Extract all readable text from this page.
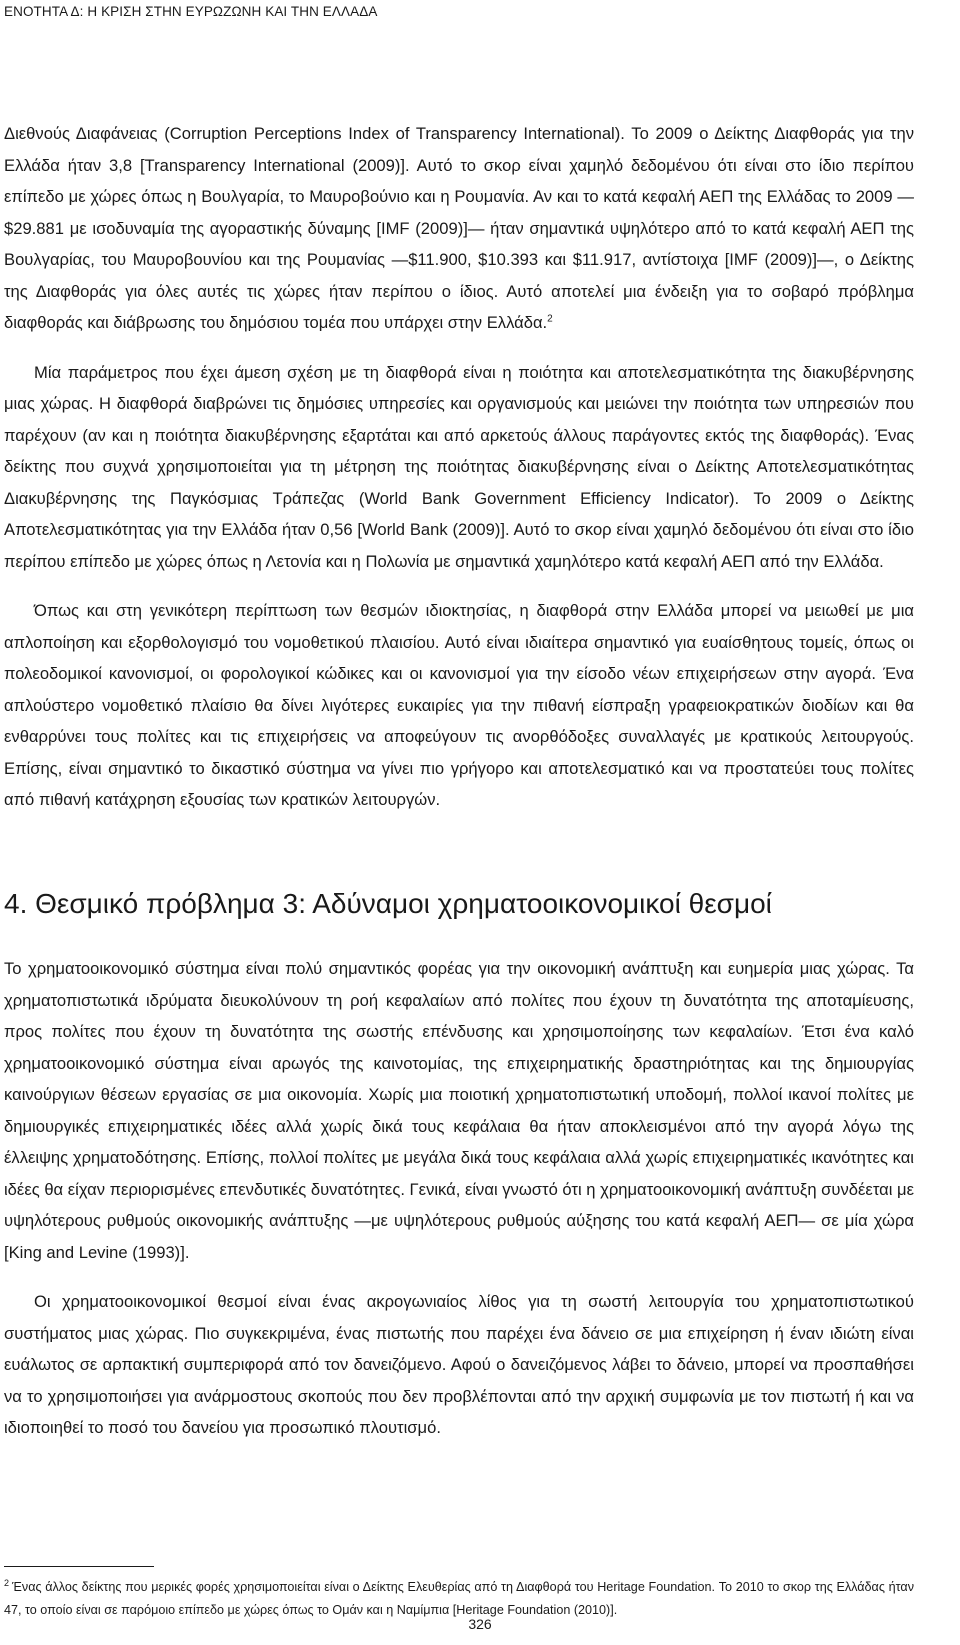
ΕΝΟΤΗΤΑ Δ: Η ΚΡΙΣΗ ΣΤΗΝ ΕΥΡΩΖΩΝΗ ΚΑΙ ΤΗΝ ΕΛΛΑΔΑ

Διεθνούς Διαφάνειας (Corruption Perceptions Index of Transparency International). Το 2009 ο Δείκτης Διαφθοράς για την Ελλάδα ήταν 3,8 [Transparency International (2009)]. Αυτό το σκορ είναι χαμηλό δεδομένου ότι είναι στο ίδιο περίπου επίπεδο με χώρες όπως η Βουλγαρία, το Μαυροβούνιο και η Ρουμανία. Αν και το κατά κεφαλή ΑΕΠ της Ελλάδας το 2009 —$29.881 με ισοδυναμία της αγοραστικής δύναμης [IMF (2009)]— ήταν σημαντικά υψηλότερο από το κατά κεφαλή ΑΕΠ της Βουλγαρίας, του Μαυροβουνίου και της Ρουμανίας —$11.900, $10.393 και $11.917, αντίστοιχα [IMF (2009)]—, ο Δείκτης της Διαφθοράς για όλες αυτές τις χώρες ήταν περίπου ο ίδιος. Αυτό αποτελεί μια ένδειξη για το σοβαρό πρόβλημα διαφθοράς και διάβρωσης του δημόσιου τομέα που υπάρχει στην Ελλάδα.$^2$

Μία παράμετρος που έχει άμεση σχέση με τη διαφθορά είναι η ποιότητα και αποτελεσματικότητα της διακυβέρνησης μιας χώρας. Η διαφθορά διαβρώνει τις δημόσιες υπηρεσίες και οργανισμούς και μειώνει την ποιότητα των υπηρεσιών που παρέχουν (αν και η ποιότητα διακυβέρνησης εξαρτάται και από αρκετούς άλλους παράγοντες εκτός της διαφθοράς). Ένας δείκτης που συχνά χρησιμοποιείται για τη μέτρηση της ποιότητας διακυβέρνησης είναι ο Δείκτης Αποτελεσματικότητας Διακυβέρνησης της Παγκόσμιας Τράπεζας (World Bank Government Efficiency Indicator). Το 2009 ο Δείκτης Αποτελεσματικότητας για την Ελλάδα ήταν 0,56 [World Bank (2009)]. Αυτό το σκορ είναι χαμηλό δεδομένου ότι είναι στο ίδιο περίπου επίπεδο με χώρες όπως η Λετονία και η Πολωνία με σημαντικά χαμηλότερο κατά κεφαλή ΑΕΠ από την Ελλάδα.

Όπως και στη γενικότερη περίπτωση των θεσμών ιδιοκτησίας, η διαφθορά στην Ελλάδα μπορεί να μειωθεί με μια απλοποίηση και εξορθολογισμό του νομοθετικού πλαισίου. Αυτό είναι ιδιαίτερα σημαντικό για ευαίσθητους τομείς, όπως οι πολεοδομικοί κανονισμοί, οι φορολογικοί κώδικες και οι κανονισμοί για την είσοδο νέων επιχειρήσεων στην αγορά. Ένα απλούστερο νομοθετικό πλαίσιο θα δίνει λιγότερες ευκαιρίες για την πιθανή είσπραξη γραφειοκρατικών διοδίων και θα ενθαρρύνει τους πολίτες και τις επιχειρήσεις να αποφεύγουν τις ανορθόδοξες συναλλαγές με κρατικούς λειτουργούς. Επίσης, είναι σημαντικό το δικαστικό σύστημα να γίνει πιο γρήγορο και αποτελεσματικό και να προστατεύει τους πολίτες από πιθανή κατάχρηση εξουσίας των κρατικών λειτουργών.

4. Θεσμικό πρόβλημα 3: Αδύναμοι χρηματοοικονομικοί θεσμοί

Το χρηματοοικονομικό σύστημα είναι πολύ σημαντικός φορέας για την οικονομική ανάπτυξη και ευημερία μιας χώρας. Τα χρηματοπιστωτικά ιδρύματα διευκολύνουν τη ροή κεφαλαίων από πολίτες που έχουν τη δυνατότητα της αποταμίευσης, προς πολίτες που έχουν τη δυνατότητα της σωστής επένδυσης και χρησιμοποίησης των κεφαλαίων. Έτσι ένα καλό χρηματοοικονομικό σύστημα είναι αρωγός της καινοτομίας, της επιχειρηματικής δραστηριότητας και της δημιουργίας καινούργιων θέσεων εργασίας σε μια οικονομία. Χωρίς μια ποιοτική χρηματοπιστωτική υποδομή, πολλοί ικανοί πολίτες με δημιουργικές επιχειρηματικές ιδέες αλλά χωρίς δικά τους κεφάλαια θα ήταν αποκλεισμένοι από την αγορά λόγω της έλλειψης χρηματοδότησης. Επίσης, πολλοί πολίτες με μεγάλα δικά τους κεφάλαια αλλά χωρίς επιχειρηματικές ικανότητες και ιδέες θα είχαν περιορισμένες επενδυτικές δυνατότητες. Γενικά, είναι γνωστό ότι η χρηματοοικονομική ανάπτυξη συνδέεται με υψηλότερους ρυθμούς οικονομικής ανάπτυξης —με υψηλότερους ρυθμούς αύξησης του κατά κεφαλή ΑΕΠ— σε μία χώρα [King and Levine (1993)].

Οι χρηματοοικονομικοί θεσμοί είναι ένας ακρογωνιαίος λίθος για τη σωστή λειτουργία του χρηματοπιστωτικού συστήματος μιας χώρας. Πιο συγκεκριμένα, ένας πιστωτής που παρέχει ένα δάνειο σε μια επιχείρηση ή έναν ιδιώτη είναι ευάλωτος σε αρπακτική συμπεριφορά από τον δανειζόμενο. Αφού ο δανειζόμενος λάβει το δάνειο, μπορεί να προσπαθήσει να το χρησιμοποιήσει για ανάρμοστους σκοπούς που δεν προβλέπονται από την αρχική συμφωνία με τον πιστωτή ή και να ιδιοποιηθεί το ποσό του δανείου για προσωπικό πλουτισμό.

$^2$ Ένας άλλος δείκτης που μερικές φορές χρησιμοποιείται είναι ο Δείκτης Ελευθερίας από τη Διαφθορά του Heritage Foundation. Το 2010 το σκορ της Ελλάδας ήταν 47, το οποίο είναι σε παρόμοιο επίπεδο με χώρες όπως το Ομάν και η Ναμίμπια [Heritage Foundation (2010)].

326
